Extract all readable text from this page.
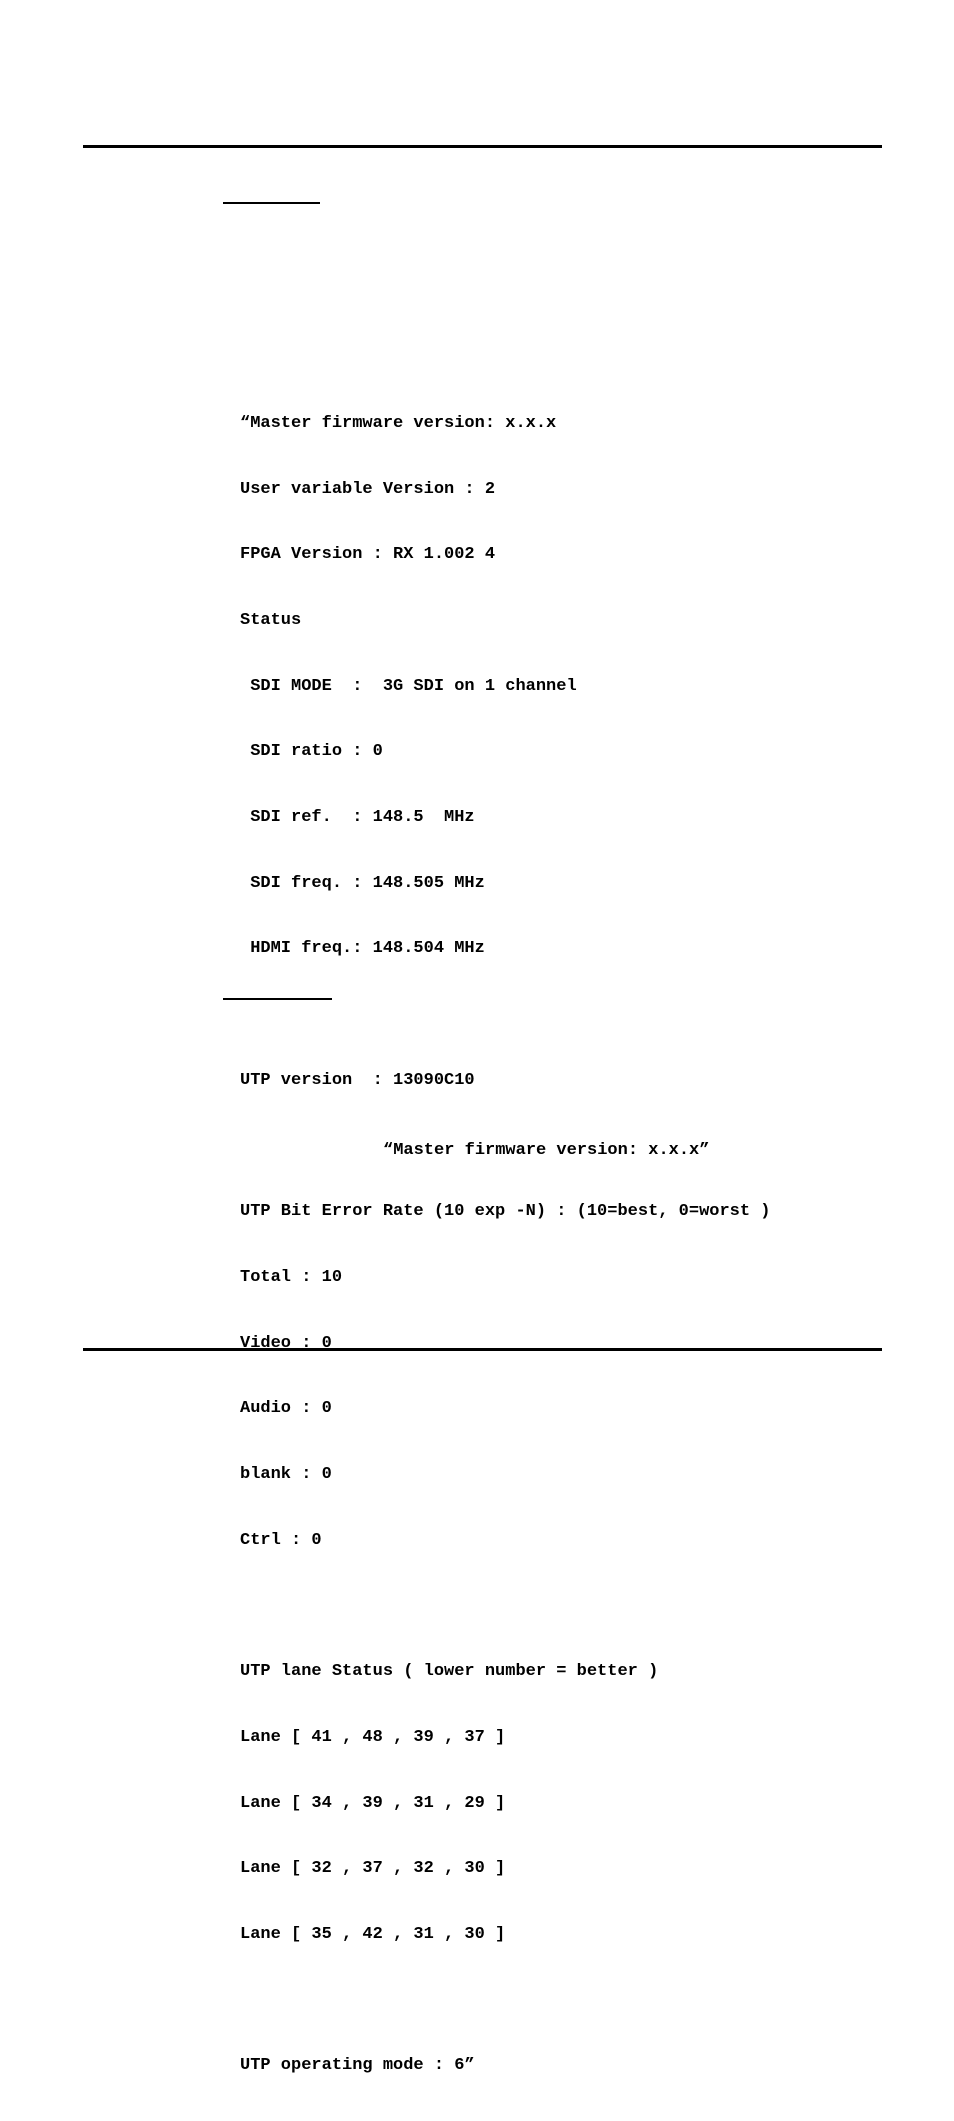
“Master firmware version: x.x.x

User variable Version : 2

FPGA Version : RX 1.002 4

Status

SDI MODE  :  3G SDI on 1 channel

SDI ratio : 0

SDI ref.  : 148.5  MHz

SDI freq. : 148.505 MHz

HDMI freq.: 148.504 MHz

UTP version  : 13090C10

UTP Bit Error Rate (10 exp -N) : (10=best, 0=worst )

Total : 10

Video : 0

Audio : 0

blank : 0

Ctrl : 0

UTP lane Status ( lower number = better )

Lane [ 41 , 48 , 39 , 37 ]

Lane [ 34 , 39 , 31 , 29 ]

Lane [ 32 , 37 , 32 , 30 ]

Lane [ 35 , 42 , 31 , 30 ]

UTP operating mode : 6”

“Master firmware version: x.x.x”
